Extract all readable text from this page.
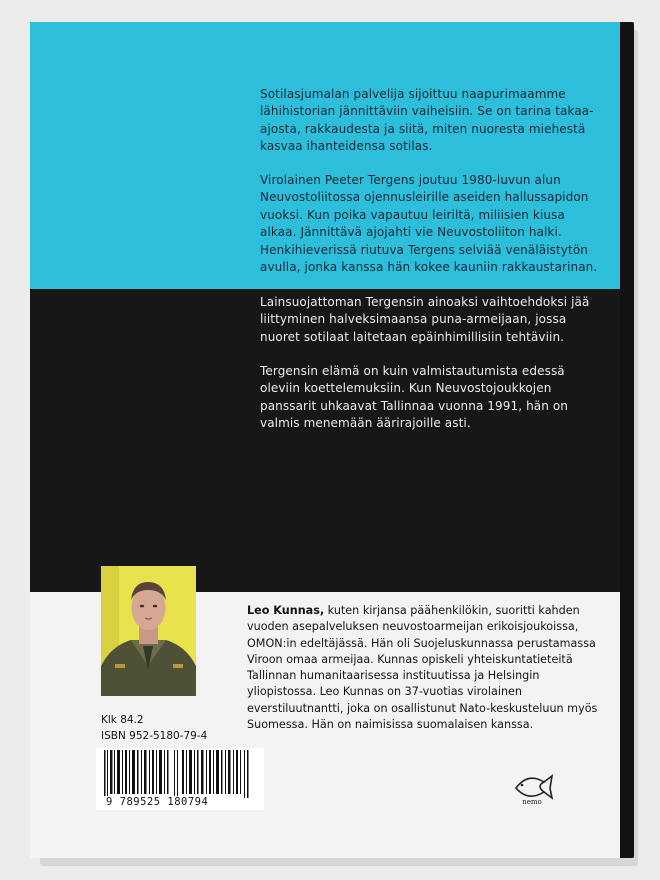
Sotilasjumalan palvelija sijoittuu naapurimaamme lähihistorian jännittäviin vaiheisiin. Se on tarina takaa-ajosta, rakkaudesta ja siitä, miten nuoresta miehestä kasvaa ihanteidensa sotilas.

Virolainen Peeter Tergens joutuu 1980-luvun alun Neuvostoliitossa ojennusleirille aseiden hallussapidon vuoksi. Kun poika vapautuu leiriltä, miliisien kiusa alkaa. Jännittävä ajojahti vie Neuvostoliiton halki. Henkihieverissä riutuva Tergens selviää venäläistytön avulla, jonka kanssa hän kokee kauniin rakkaustarinan.

Lainsuojattoman Tergensin ainoaksi vaihtoehdoksi jää liittyminen halveksimaansa puna-armeijaan, jossa nuoret sotilaat laitetaan epäinhimillisiin tehtäviin.

Tergensin elämä on kuin valmistautumista edessä oleviin koettelemuksiin. Kun Neuvostojoukkojen panssarit uhkaavat Tallinnaa vuonna 1991, hän on valmis menemään äärirajoille asti.

Leo Kunnas, kuten kirjansa päähenkilökin, suoritti kahden vuoden asepalveluksen neuvostoarmeijan erikoisjoukoissa, OMON:in edeltäjässä. Hän oli Suojeluskunnassa perustamassa Viroon omaa armeijaa. Kunnas opiskeli yhteiskuntatieteitä Tallinnan humanitaarisessa instituutissa ja Helsingin yliopistossa. Leo Kunnas on 37-vuotias virolainen everstiluutnantti, joka on osallistunut Nato-keskusteluun myös Suomessa. Hän on naimisissa suomalaisen kanssa.

Klk 84.2
ISBN 952-5180-79-4
9 789525 180794	nemo
